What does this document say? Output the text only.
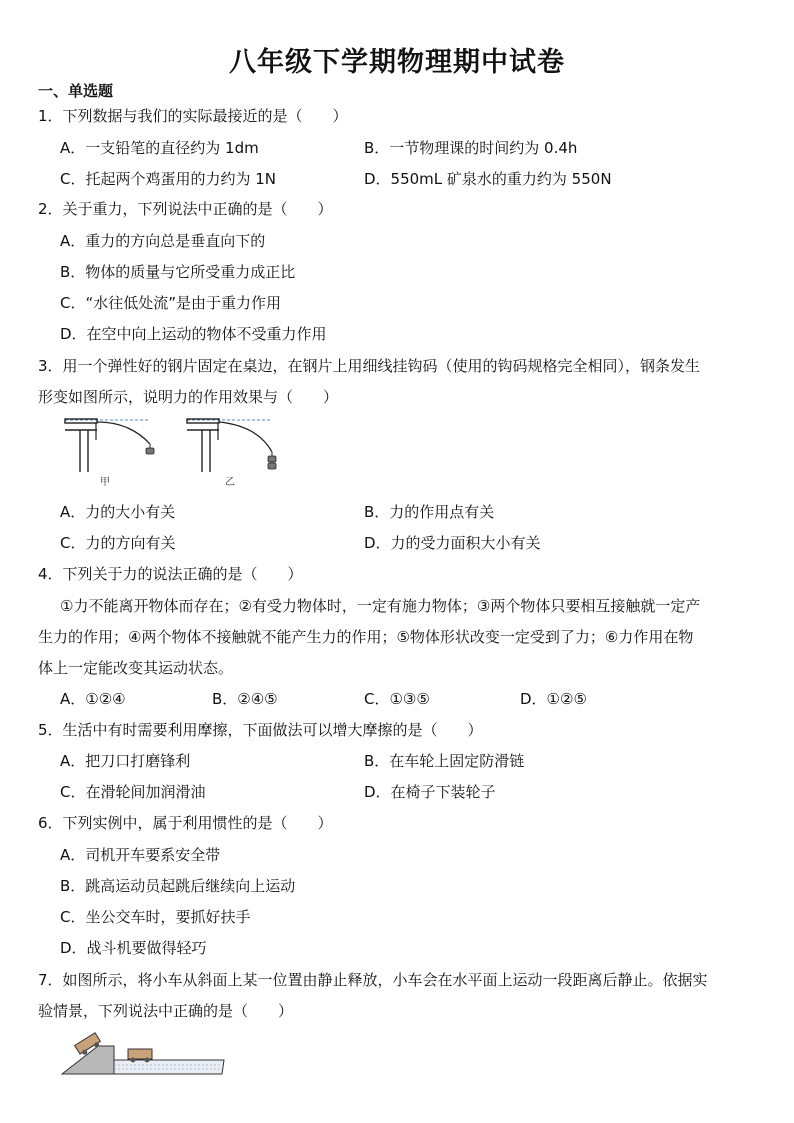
八年级下学期物理期中试卷
一、单选题
1．下列数据与我们的实际最接近的是（　　）
A．一支铅笔的直径约为 1dm	B．一节物理课的时间约为 0.4h
C．托起两个鸡蛋用的力约为 1N	D．550mL 矿泉水的重力约为 550N
2．关于重力，下列说法中正确的是（　　）
A．重力的方向总是垂直向下的
B．物体的质量与它所受重力成正比
C．“水往低处流”是由于重力作用
D．在空中向上运动的物体不受重力作用
3．用一个弹性好的钢片固定在桌边，在钢片上用细线挂钩码（使用的钩码规格完全相同），钢条发生
形变如图所示，说明力的作用效果与（　　）
甲	乙
A．力的大小有关	B．力的作用点有关
C．力的方向有关	D．力的受力面积大小有关
4．下列关于力的说法正确的是（　　）
①力不能离开物体而存在；②有受力物体时，一定有施力物体；③两个物体只要相互接触就一定产
生力的作用；④两个物体不接触就不能产生力的作用；⑤物体形状改变一定受到了力；⑥力作用在物
体上一定能改变其运动状态。
A．①②④	B．②④⑤	C．①③⑤	D．①②⑤
5．生活中有时需要利用摩擦，下面做法可以增大摩擦的是（　　）
A．把刀口打磨锋利	B．在车轮上固定防滑链
C．在滑轮间加润滑油	D．在椅子下装轮子
6．下列实例中，属于利用惯性的是（　　）
A．司机开车要系安全带
B．跳高运动员起跳后继续向上运动
C．坐公交车时，要抓好扶手
D．战斗机要做得轻巧
7．如图所示，将小车从斜面上某一位置由静止释放，小车会在水平面上运动一段距离后静止。依据实
验情景，下列说法中正确的是（　　）
